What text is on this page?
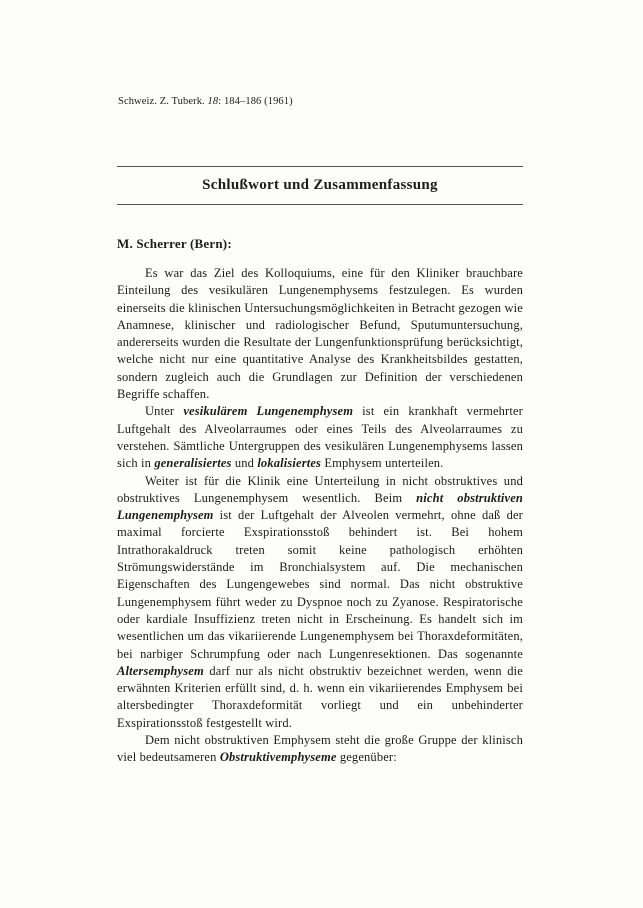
Schweiz. Z. Tuberk. 18: 184–186 (1961)
Schlußwort und Zusammenfassung
M. Scherrer (Bern):

Es war das Ziel des Kolloquiums, eine für den Kliniker brauchbare Einteilung des vesikulären Lungenemphysems festzulegen. Es wurden einerseits die klinischen Untersuchungsmöglichkeiten in Betracht gezogen wie Anamnese, klinischer und radiologischer Befund, Sputumuntersuchung, andererseits wurden die Resultate der Lungenfunktionsprüfung berücksichtigt, welche nicht nur eine quantitative Analyse des Krankheitsbildes gestatten, sondern zugleich auch die Grundlagen zur Definition der verschiedenen Begriffe schaffen.

Unter vesikulärem Lungenemphysem ist ein krankhaft vermehrter Luftgehalt des Alveolarraumes oder eines Teils des Alveolarraumes zu verstehen. Sämtliche Untergruppen des vesikulären Lungenemphysems lassen sich in generalisiertes und lokalisiertes Emphysem unterteilen.

Weiter ist für die Klinik eine Unterteilung in nicht obstruktives und obstruktives Lungenemphysem wesentlich. Beim nicht obstruktiven Lungenemphysem ist der Luftgehalt der Alveolen vermehrt, ohne daß der maximal forcierte Exspirationsstoß behindert ist. Bei hohem Intrathorakaldruck treten somit keine pathologisch erhöhten Strömungswiderstände im Bronchialsystem auf. Die mechanischen Eigenschaften des Lungengewebes sind normal. Das nicht obstruktive Lungenemphysem führt weder zu Dyspnoe noch zu Zyanose. Respiratorische oder kardiale Insuffizienz treten nicht in Erscheinung. Es handelt sich im wesentlichen um das vikariierende Lungenemphysem bei Thoraxdeformitäten, bei narbiger Schrumpfung oder nach Lungenresektionen. Das sogenannte Altersemphysem darf nur als nicht obstruktiv bezeichnet werden, wenn die erwähnten Kriterien erfüllt sind, d. h. wenn ein vikariierendes Emphysem bei altersbedingter Thoraxdeformität vorliegt und ein unbehinderter Exspirationsstoß festgestellt wird.

Dem nicht obstruktiven Emphysem steht die große Gruppe der klinisch viel bedeutsameren Obstruktivemphyseme gegenüber:
